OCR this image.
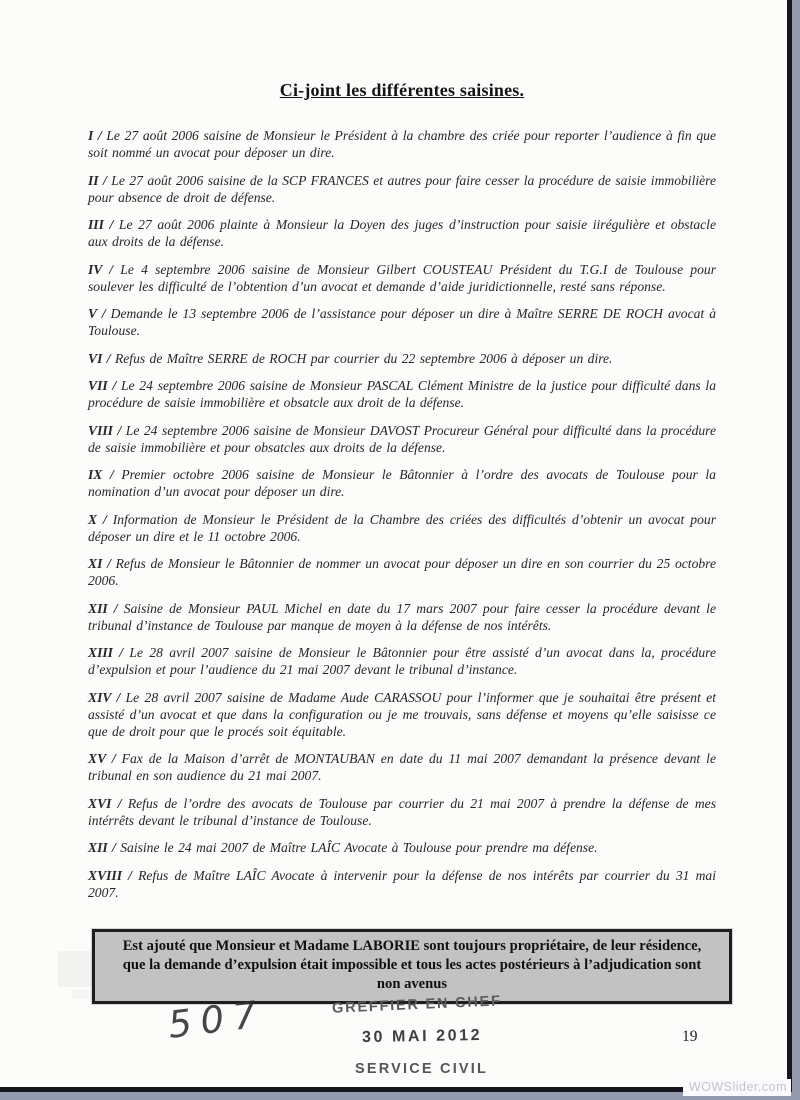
Ci-joint les différentes saisines.

I / Le 27 août 2006 saisine de Monsieur le Président à la chambre des criée pour reporter l’audience à fin que soit nommé un avocat pour déposer un dire.

II / Le 27 août 2006 saisine de la SCP FRANCES et autres pour faire cesser la procédure de saisie immobilière pour absence de droit de défense.

III / Le 27 août 2006 plainte à Monsieur la Doyen des juges d’instruction pour saisie iirégulière et obstacle aux droits de la défense.

IV / Le 4 septembre 2006 saisine de Monsieur Gilbert COUSTEAU Président du T.G.I de Toulouse pour soulever les difficulté de l’obtention d’un avocat et demande d’aide juridictionnelle, resté sans réponse.

V / Demande le 13 septembre 2006 de l’assistance pour déposer un dire à Maître SERRE DE ROCH avocat à Toulouse.

VI / Refus de Maître SERRE de ROCH par courrier du 22 septembre 2006 à déposer un dire.

VII / Le 24 septembre 2006 saisine de Monsieur PASCAL Clément Ministre de la justice pour difficulté dans la procédure de saisie immobilière et obsatcle aux droit de la défense.

VIII / Le 24 septembre 2006 saisine de Monsieur DAVOST Procureur Général pour difficulté dans la procédure de saisie immobilière et pour obsatcles aux droits de la défense.

IX / Premier octobre 2006 saisine de Monsieur le Bâtonnier à l’ordre des avocats de Toulouse pour la nomination d’un avocat pour déposer un dire.

X / Information de Monsieur le Président de la Chambre des criées des difficultés d’obtenir un avocat pour déposer un dire et le 11 octobre 2006.

XI / Refus de Monsieur le Bâtonnier de nommer un avocat pour déposer un dire en son courrier du 25 octobre 2006.

XII / Saisine de Monsieur PAUL Michel en date du 17 mars 2007 pour faire cesser la procédure devant le tribunal d’instance de Toulouse par manque de moyen à la défense de nos intérêts.

XIII / Le 28 avril 2007 saisine de Monsieur le Bâtonnier pour être assisté d’un avocat dans la, procédure d’expulsion et pour l’audience du 21 mai 2007 devant le tribunal d’instance.

XIV / Le 28 avril 2007 saisine de Madame Aude CARASSOU pour l’informer que je souhaitai être présent et assisté d’un avocat et que dans la configuration ou je me trouvais, sans défense et moyens qu’elle saisisse ce que de droit pour que le procés soit équitable.

XV / Fax de la Maison d’arrêt de MONTAUBAN en date du 11 mai 2007 demandant la présence devant le tribunal en son audience du 21 mai 2007.

XVI / Refus de l’ordre des avocats de Toulouse par courrier du 21 mai 2007 à prendre la défense de mes intérrêts devant le tribunal d’instance de Toulouse.

XII / Saisine le 24 mai 2007 de Maître LAÎC Avocate à Toulouse pour prendre ma défense.

XVIII / Refus de Maître LAÎC Avocate à intervenir pour la défense de nos intérêts par courrier du 31 mai 2007.

Est ajouté que Monsieur et Madame LABORIE sont toujours propriétaire, de leur résidence, que la demande d’expulsion était impossible et tous les actes postérieurs à l’adjudication sont non avenus
507	GREFFIER EN CHEF
30 MAI 2012
SERVICE CIVIL
19
WOWSlider.com
